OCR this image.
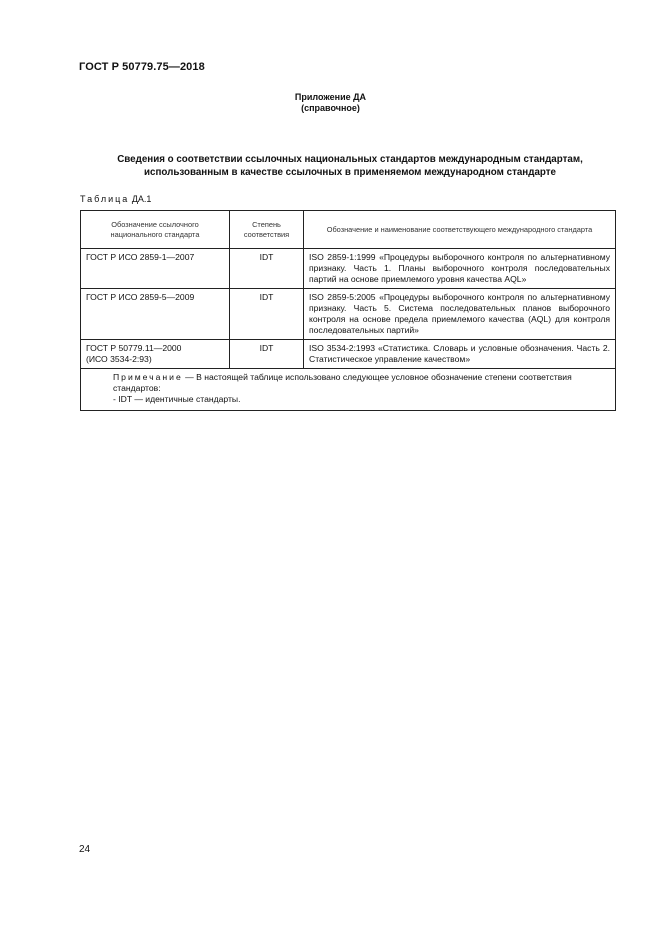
ГОСТ Р 50779.75—2018
Приложение ДА
(справочное)
Сведения о соответствии ссылочных национальных стандартов международным стандартам,
использованным в качестве ссылочных в применяемом международном стандарте
Таблица ДА.1
Обозначение ссылочного национального стандарта	Степень соответствия	Обозначение и наименование соответствующего международного стандарта

ГОСТ Р ИСО 2859-1—2007	IDT	ISO 2859-1:1999 «Процедуры выборочного контроля по альтернативному признаку. Часть 1. Планы выборочного контроля последовательных партий на основе приемлемого уровня качества AQL»

ГОСТ Р ИСО 2859-5—2009	IDT	ISO 2859-5:2005 «Процедуры выборочного контроля по альтернативному признаку. Часть 5. Система последовательных планов выборочного контроля на основе предела приемлемого качества (AQL) для контроля последовательных партий»

ГОСТ Р 50779.11—2000
(ИСО 3534-2:93)	IDT	ISO 3534-2:1993 «Статистика. Словарь и условные обозначения. Часть 2. Статистическое управление качеством»

Примечание — В настоящей таблице использовано следующее условное обозначение степени соответствия стандартов:
- IDT — идентичные стандарты.		
24
